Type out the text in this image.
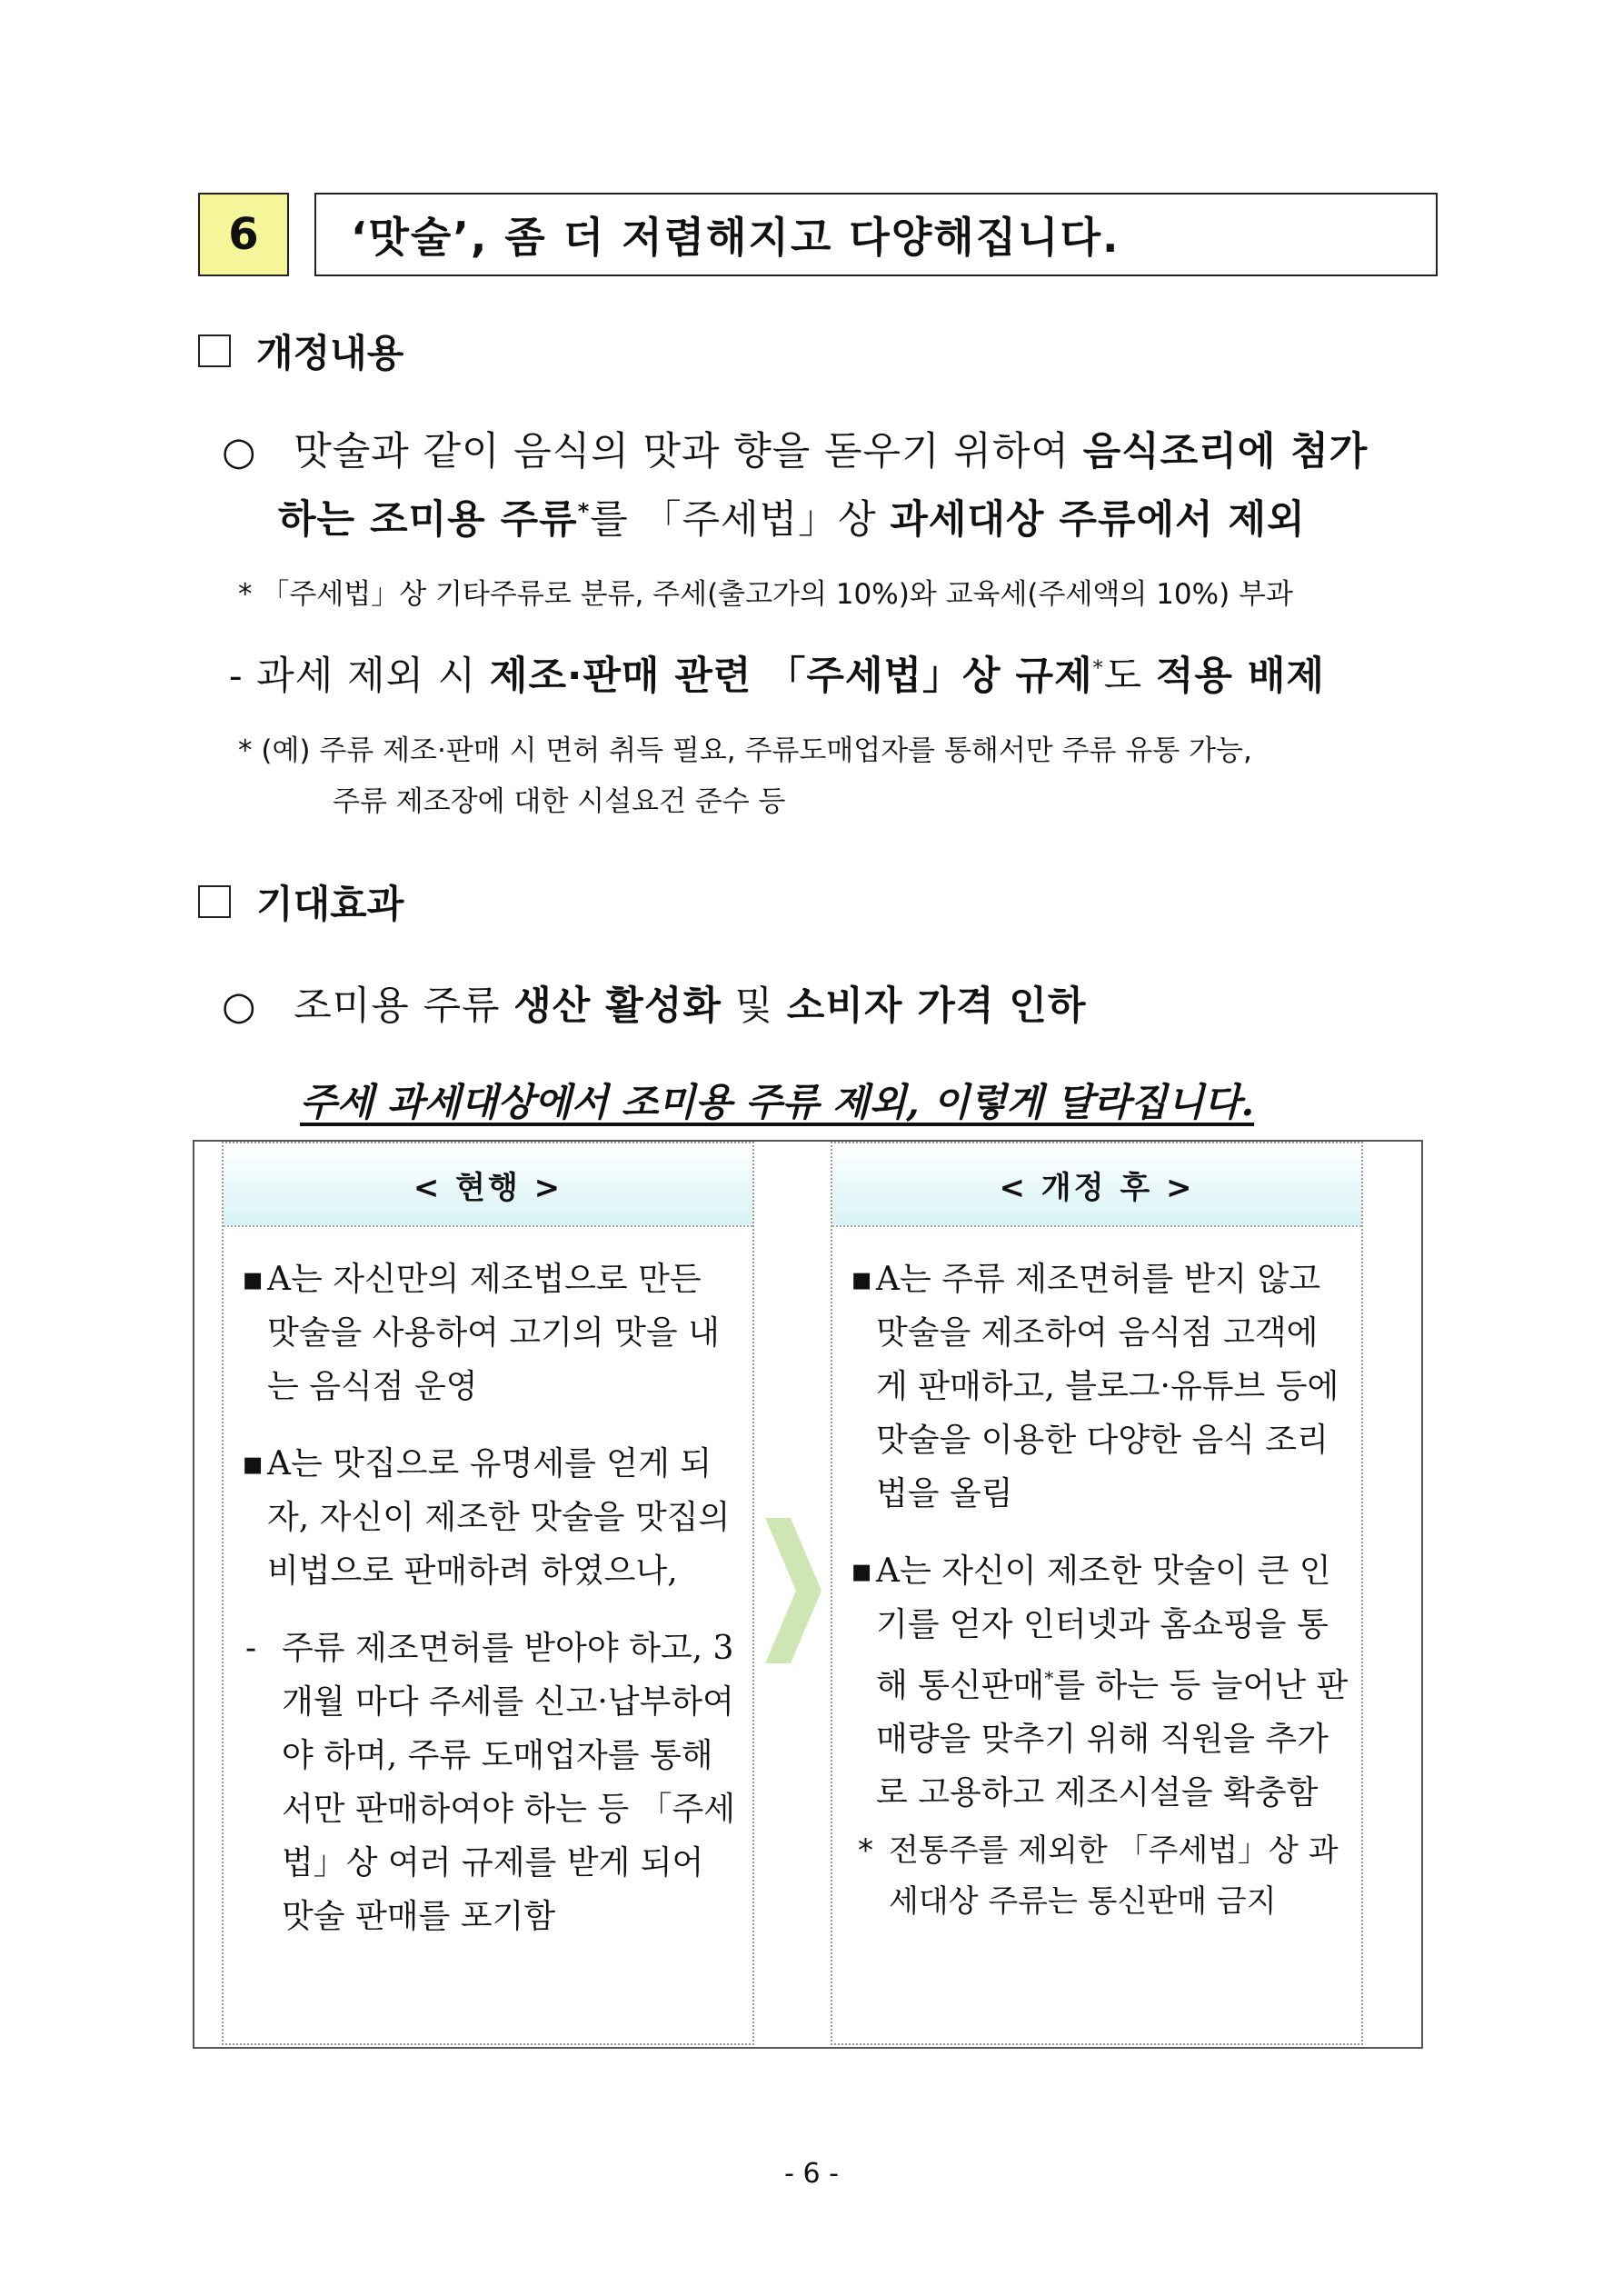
6	‘맛술’, 좀 더 저렴해지고 다양해집니다.
개정내용
○ 맛술과 같이 음식의 맛과 향을 돋우기 위하여 음식조리에 첨가
하는 조미용 주류*를 「주세법」상 과세대상 주류에서 제외
* 「주세법」상 기타주류로 분류, 주세(출고가의 10%)와 교육세(주세액의 10%) 부과
- 과세 제외 시 제조·판매 관련 「주세법」상 규제*도 적용 배제
* (예) 주류 제조·판매 시 면허 취득 필요, 주류도매업자를 통해서만 주류 유통 가능,
주류 제조장에 대한 시설요건 준수 등
기대효과
○ 조미용 주류 생산 활성화 및 소비자 가격 인하
주세 과세대상에서 조미용 주류 제외, 이렇게 달라집니다.
< 현행 >
▪ A는 자신만의 제조법으로 만든 맛술을 사용하여 고기의 맛을 내는 음식점 운영
▪ A는 맛집으로 유명세를 얻게 되자, 자신이 제조한 맛술을 맛집의 비법으로 판매하려 하였으나,
- 주류 제조면허를 받아야 하고, 3개월 마다 주세를 신고·납부하여야 하며, 주류 도매업자를 통해서만 판매하여야 하는 등 「주세법」상 여러 규제를 받게 되어 맛술 판매를 포기함
< 개정 후 >
▪ A는 주류 제조면허를 받지 않고 맛술을 제조하여 음식점 고객에게 판매하고, 블로그·유튜브 등에 맛술을 이용한 다양한 음식 조리법을 올림
▪ A는 자신이 제조한 맛술이 큰 인기를 얻자 인터넷과 홈쇼핑을 통해 통신판매*를 하는 등 늘어난 판매량을 맞추기 위해 직원을 추가로 고용하고 제조시설을 확충함
* 전통주를 제외한 「주세법」상 과세대상 주류는 통신판매 금지
- 6 -
